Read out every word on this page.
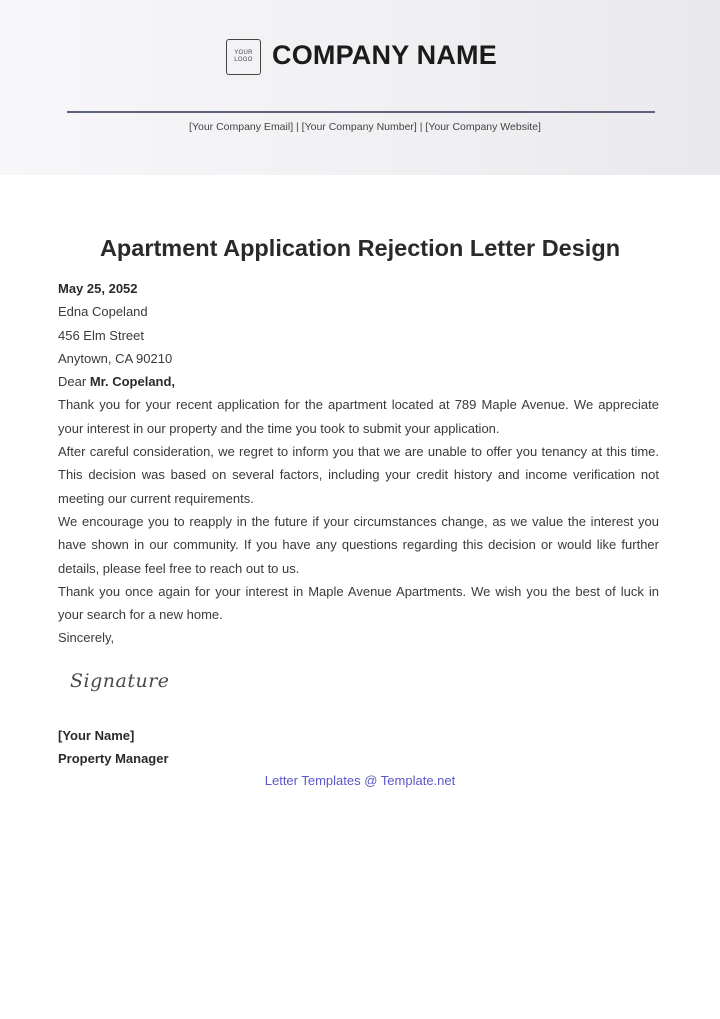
YOUR
LOGO COMPANY NAME
[Your Company Email] | [Your Company Number] | [Your Company Website]
Apartment Application Rejection Letter Design

May 25, 2052

Edna Copeland

456 Elm Street

Anytown, CA 90210

Dear Mr. Copeland,

Thank you for your recent application for the apartment located at 789 Maple Avenue. We appreciate your interest in our property and the time you took to submit your application.

After careful consideration, we regret to inform you that we are unable to offer you tenancy at this time. This decision was based on several factors, including your credit history and income verification not meeting our current requirements.

We encourage you to reapply in the future if your circumstances change, as we value the interest you have shown in our community. If you have any questions regarding this decision or would like further details, please feel free to reach out to us.

Thank you once again for your interest in Maple Avenue Apartments. We wish you the best of luck in your search for a new home.

Sincerely,

Signature
[Your Name]
Property Manager
Letter Templates @ Template.net
